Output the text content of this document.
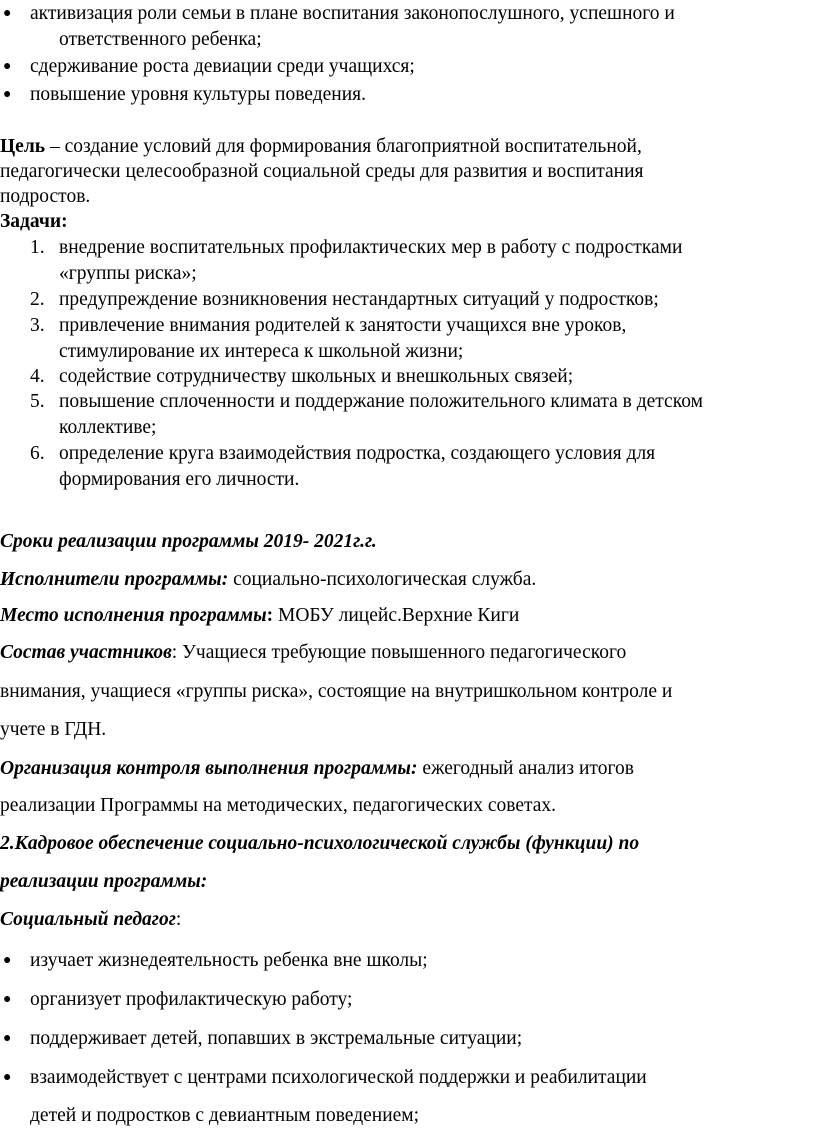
● активизация роли семьи в плане воспитания законопослушного, успешного и
ответственного ребенка;
● сдерживание роста девиации среди учащихся;
● повышение уровня культуры поведения.
Цель – создание условий для формирования благоприятной воспитательной,
педагогически целесообразной социальной среды для развития и воспитания
подростов.
Задачи:
1. внедрение воспитательных профилактических мер в работу с подростками
«группы риска»;
2. предупреждение возникновения нестандартных ситуаций у подростков;
3. привлечение внимания родителей к занятости учащихся вне уроков,
стимулирование их интереса к школьной жизни;
4. содействие сотрудничеству школьных и внешкольных связей;
5. повышение сплоченности и поддержание положительного климата в детском
коллективе;
6. определение круга взаимодействия подростка, создающего условия для
формирования его личности.
Сроки реализации программы 2019- 2021г.г.
Исполнители программы: социально-психологическая служба.
Место исполнения программы: МОБУ лицейс.Верхние Киги
Состав участников: Учащиеся требующие повышенного педагогического
внимания, учащиеся «группы риска», состоящие на внутришкольном контроле и
учете в ГДН.
Организация контроля выполнения программы: ежегодный анализ итогов
реализации Программы на методических, педагогических советах.
2.Кадровое обеспечение социально-психологической службы (функции) по
реализации программы:
Социальный педагог:
● изучает жизнедеятельность ребенка вне школы;
● организует профилактическую работу;
● поддерживает детей, попавших в экстремальные ситуации;
● взаимодействует с центрами психологической поддержки и реабилитации
детей и подростков с девиантным поведением;
